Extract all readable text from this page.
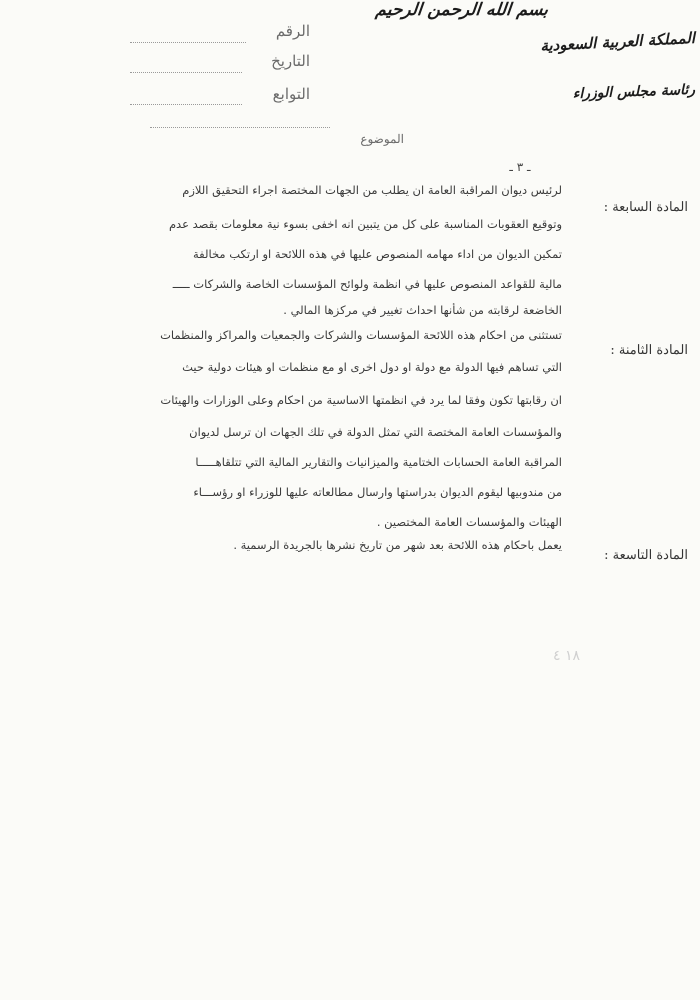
بسم الله الرحمن الرحيم
المملكة العربية السعودية
رئاسة مجلس الوزراء
الرقم
التاريخ
التوابع
الموضوع
ـ ٣ ـ
المادة السابعة :
لرئيس ديوان المراقبة العامة ان يطلب من الجهات المختصة اجراء التحقيق اللازم
وتوقيع العقوبات المناسبة على كل من يتبين انه اخفى بسوء نية معلومات بقصد عدم
تمكين الديوان من اداء مهامه المنصوص عليها في هذه اللائحة او ارتكب مخالفة
مالية للقواعد المنصوص عليها في انظمة ولوائح المؤسسات الخاصة والشركات ـــــ
الخاضعة لرقابته من شأنها احداث تغيير في مركزها المالي .
المادة الثامنة :
تستثنى من احكام هذه اللائحة المؤسسات والشركات والجمعيات والمراكز والمنظمات
التي تساهم فيها الدولة مع دولة او دول اخرى او مع منظمات او هيئات دولية حيث
ان رقابتها تكون وفقا لما يرد في انظمتها الاساسية من احكام وعلى الوزارات والهيئات
والمؤسسات العامة المختصة التي تمثل الدولة في تلك الجهات ان ترسل لديوان
المراقبة العامة الحسابات الختامية والميزانيات والتقارير المالية التي تتلقاهـــــا
من مندوبيها ليقوم الديوان بدراستها وارسال مطالعاته عليها للوزراء او رؤســـاء
الهيئات والمؤسسات العامة المختصين .
المادة التاسعة :
يعمل باحكام هذه اللائحة بعد شهر من تاريخ نشرها بالجريدة الرسمية .
١٨ ٤
